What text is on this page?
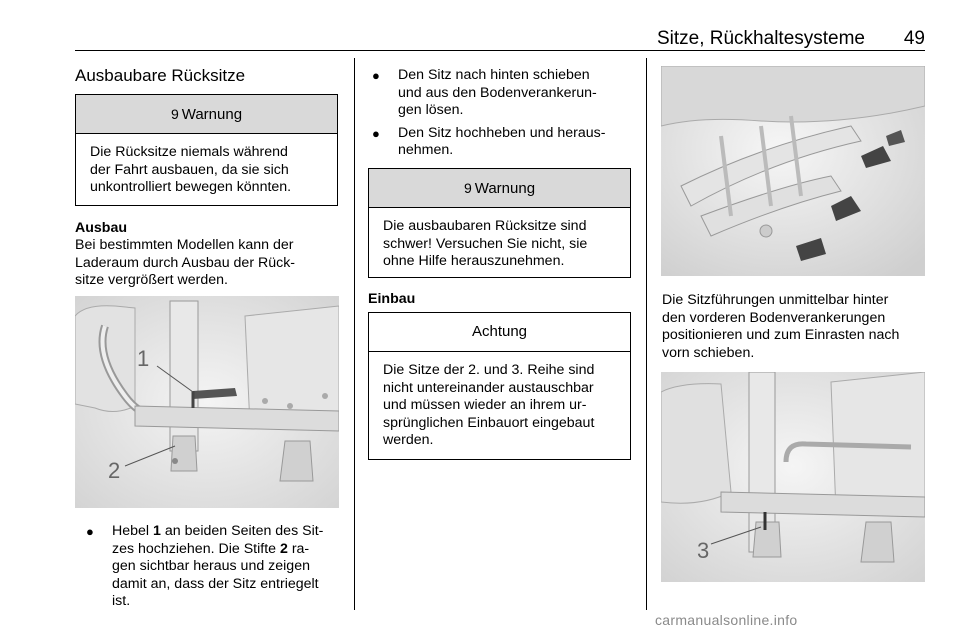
Sitze, Rückhaltesysteme	49
Ausbaubare Rücksitze
9 Warnung
Die Rücksitze niemals während
der Fahrt ausbauen, da sie sich
unkontrolliert bewegen könnten.
Ausbau
Bei bestimmten Modellen kann der
Laderaum durch Ausbau der Rück-
sitze vergrößert werden.
1
2
●	Hebel 1 an beiden Seiten des Sit-
zes hochziehen. Die Stifte 2 ra-
gen sichtbar heraus und zeigen
damit an, dass der Sitz entriegelt
ist.
●	Den Sitz nach hinten schieben
und aus den Bodenverankerun-
gen lösen.
●	Den Sitz hochheben und heraus-
nehmen.
9 Warnung
Die ausbaubaren Rücksitze sind
schwer! Versuchen Sie nicht, sie
ohne Hilfe herauszunehmen.
Einbau
Achtung
Die Sitze der 2. und 3. Reihe sind
nicht untereinander austauschbar
und müssen wieder an ihrem ur-
sprünglichen Einbauort eingebaut
werden.
Die Sitzführungen unmittelbar hinter
den vorderen Bodenverankerungen
positionieren und zum Einrasten nach
vorn schieben.
3
carmanualsonline.info
